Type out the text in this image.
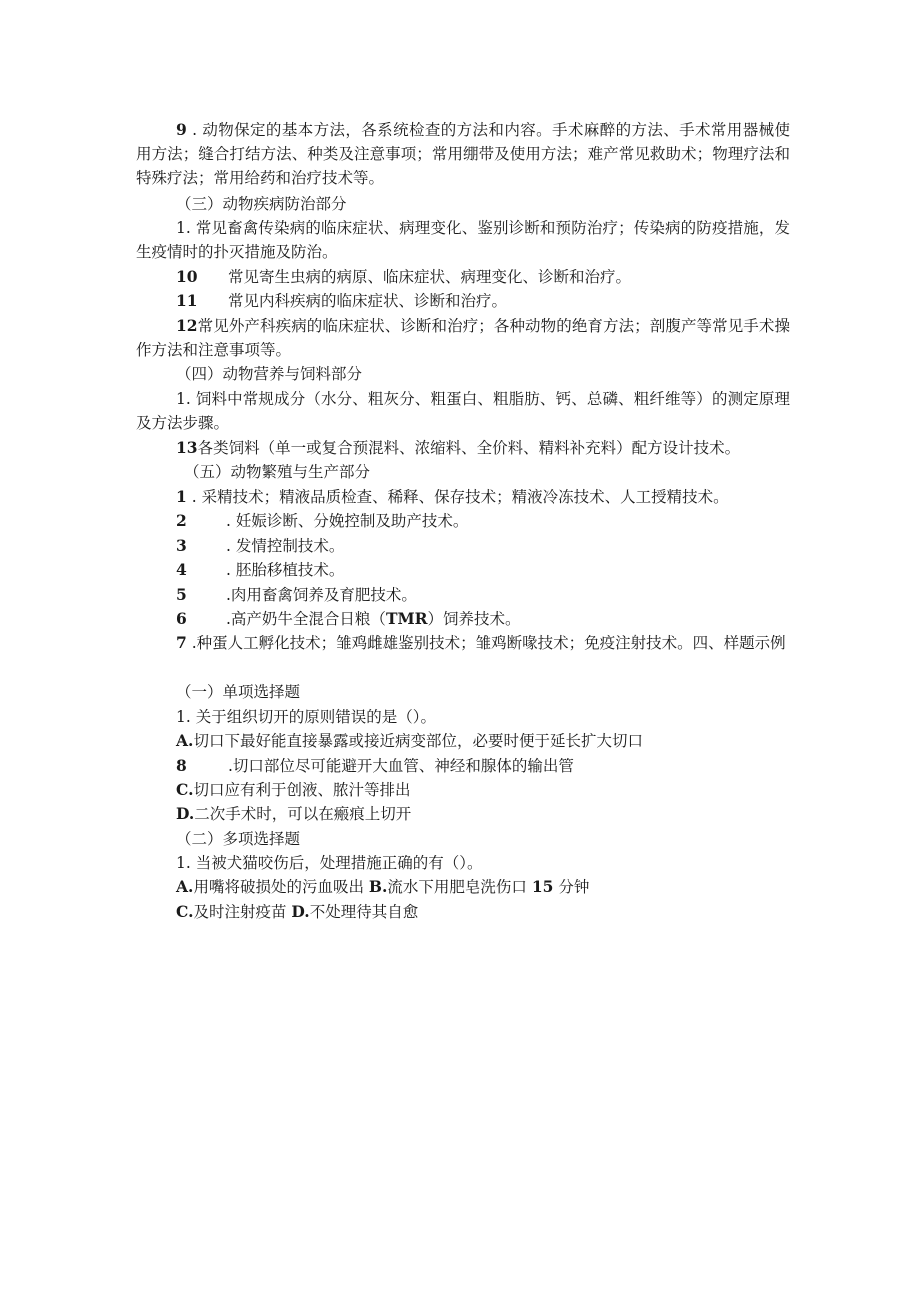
9 . 动物保定的基本方法，各系统检查的方法和内容。手术麻醉的方法、手术常用器械使用方法；缝合打结方法、种类及注意事项；常用绷带及使用方法；难产常见救助术；物理疗法和特殊疗法；常用给药和治疗技术等。
（三）动物疾病防治部分
1. 常见畜禽传染病的临床症状、病理变化、鉴别诊断和预防治疗；传染病的防疫措施，发生疫情时的扑灭措施及防治。
10 常见寄生虫病的病原、临床症状、病理变化、诊断和治疗。
11 常见内科疾病的临床症状、诊断和治疗。
12常见外产科疾病的临床症状、诊断和治疗；各种动物的绝育方法；剖腹产等常见手术操作方法和注意事项等。
（四）动物营养与饲料部分
1. 饲料中常规成分（水分、粗灰分、粗蛋白、粗脂肪、钙、总磷、粗纤维等）的测定原理及方法步骤。
13各类饲料（单一或复合预混料、浓缩料、全价料、精料补充料）配方设计技术。
（五）动物繁殖与生产部分
1 . 采精技术；精液品质检查、稀释、保存技术；精液冷冻技术、人工授精技术。
2	. 妊娠诊断、分娩控制及助产技术。
3	. 发情控制技术。
4	. 胚胎移植技术。
5	.肉用畜禽饲养及育肥技术。
6	.高产奶牛全混合日粮（TMR）饲养技术。
7 .种蛋人工孵化技术；雏鸡雌雄鉴别技术；雏鸡断喙技术；免疫注射技术。四、样题示例
（一）单项选择题
1. 关于组织切开的原则错误的是（）。
A.切口下最好能直接暴露或接近病变部位，必要时便于延长扩大切口
8	.切口部位尽可能避开大血管、神经和腺体的输出管
C.切口应有利于创液、脓汁等排出
D.二次手术时，可以在瘢痕上切开
（二）多项选择题
1. 当被犬猫咬伤后，处理措施正确的有（）。
A.用嘴将破损处的污血吸出 B.流水下用肥皂洗伤口 15 分钟
C.及时注射疫苗 D.不处理待其自愈
